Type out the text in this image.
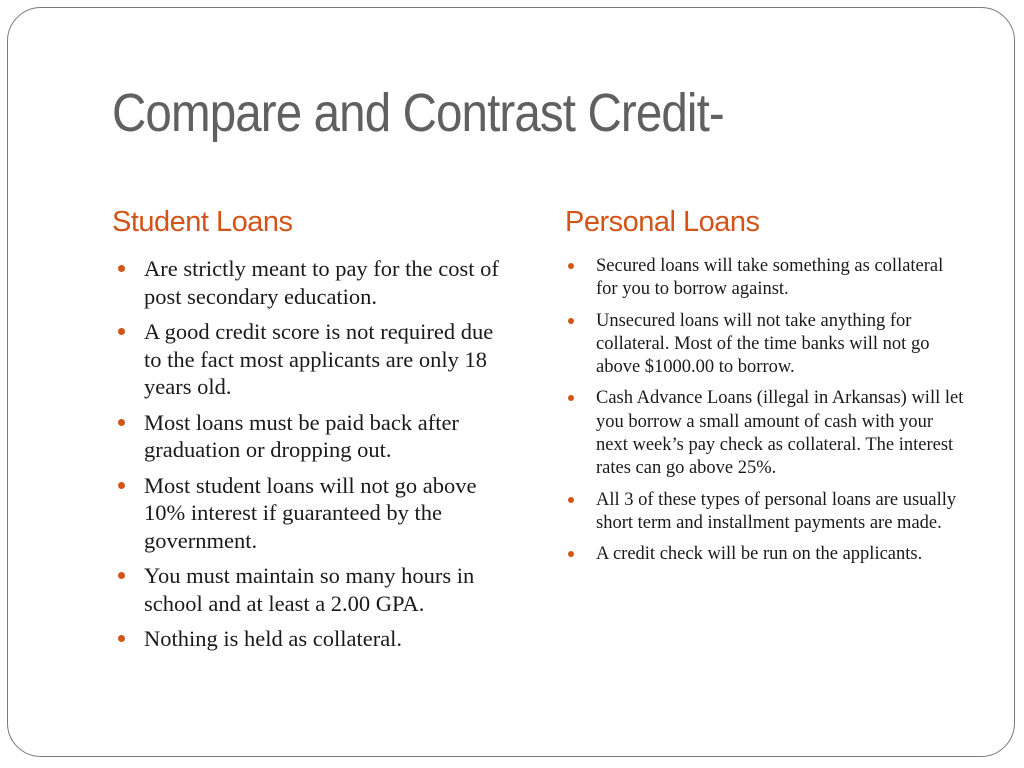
Compare and Contrast Credit-
Student Loans
Are strictly meant to pay for the cost of post secondary education.
A good credit score is not required due to the fact most applicants are only 18 years old.
Most loans must be paid back after graduation or dropping out.
Most student loans will not go above 10% interest if guaranteed by the government.
You must maintain so many hours in school and at least a 2.00 GPA.
Nothing is held as collateral.
Personal Loans
Secured loans will take something as collateral for you to borrow against.
Unsecured loans will not take anything for collateral. Most of the time banks will not go above $1000.00 to borrow.
Cash Advance Loans (illegal in Arkansas) will let you borrow a small amount of cash with your next week’s pay check as collateral. The interest rates can go above 25%.
All 3 of these types of personal loans are usually short term and installment payments are made.
A credit check will be run on the applicants.
